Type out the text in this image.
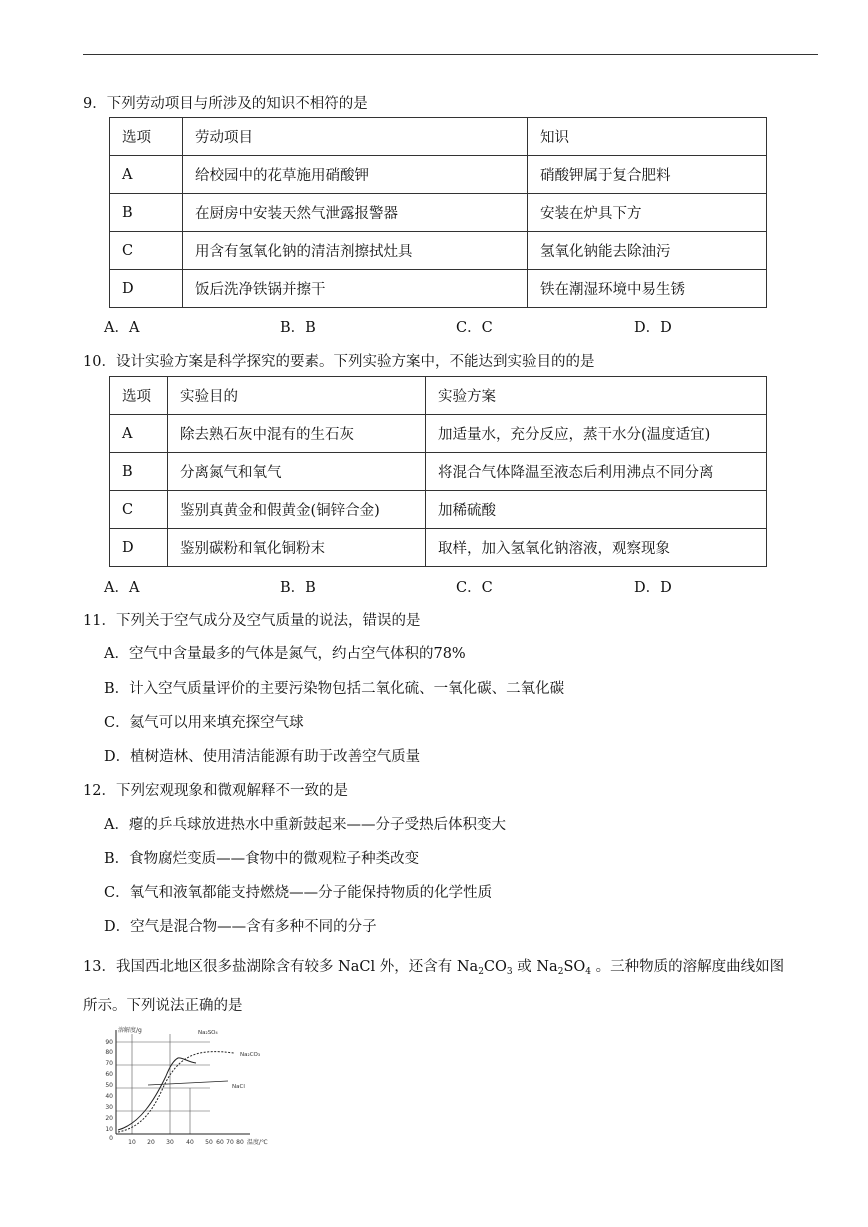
9．下列劳动项目与所涉及的知识不相符的是
选项	劳动项目	知识
A	给校园中的花草施用硝酸钾	硝酸钾属于复合肥料
B	在厨房中安装天然气泄露报警器	安装在炉具下方
C	用含有氢氧化钠的清洁剂擦拭灶具	氢氧化钠能去除油污
D	饭后洗净铁锅并擦干	铁在潮湿环境中易生锈
A．A	B．B	C．C	D．D
10．设计实验方案是科学探究的要素。下列实验方案中，不能达到实验目的的是
选项	实验目的	实验方案
A	除去熟石灰中混有的生石灰	加适量水，充分反应，蒸干水分(温度适宜)
B	分离氮气和氧气	将混合气体降温至液态后利用沸点不同分离
C	鉴别真黄金和假黄金(铜锌合金)	加稀硫酸
D	鉴别碳粉和氧化铜粉末	取样，加入氢氧化钠溶液，观察现象
A．A	B．B	C．C	D．D
11．下列关于空气成分及空气质量的说法，错误的是
A．空气中含量最多的气体是氮气，约占空气体积的78%
B．计入空气质量评价的主要污染物包括二氧化硫、一氧化碳、二氧化碳
C．氦气可以用来填充探空气球
D．植树造林、使用清洁能源有助于改善空气质量
12．下列宏观现象和微观解释不一致的是
A．瘪的乒乓球放进热水中重新鼓起来——分子受热后体积变大
B．食物腐烂变质——食物中的微观粒子种类改变
C．氧气和液氧都能支持燃烧——分子能保持物质的化学性质
D．空气是混合物——含有多种不同的分子
13．我国西北地区很多盐湖除含有较多 NaCl 外，还含有 $Na_2CO_3$ 或 $Na_2SO_4$ 。三种物质的溶解度曲线如图
所示。下列说法正确的是
90
80
70
60
50
40
30
20
10
0
10 20 30 40 50 60 70 80
溶解度/g
温度/℃
Na₂SO₄
Na₂CO₃
NaCl
